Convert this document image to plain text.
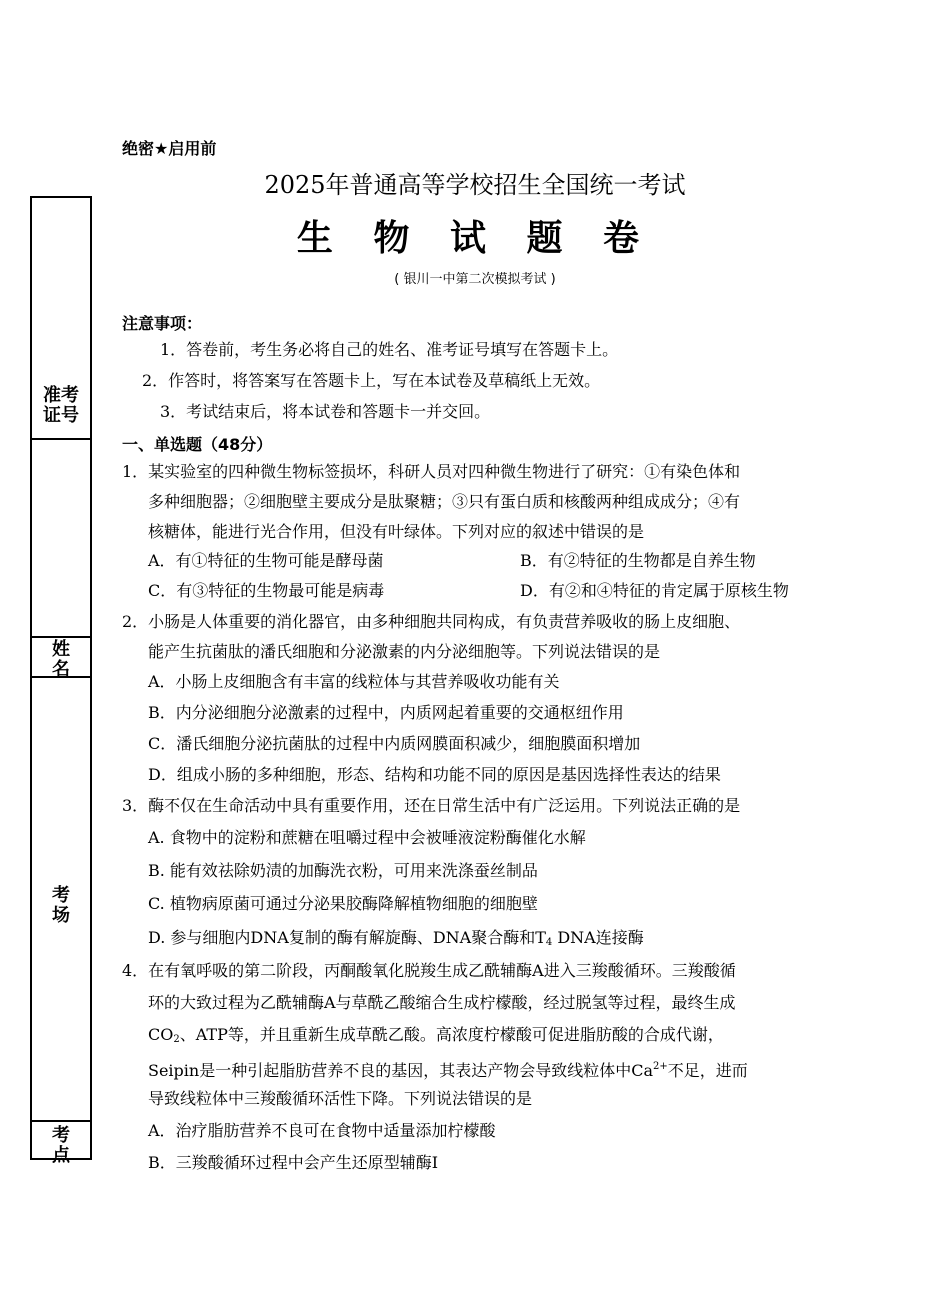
准考
证号
姓
名
考
场
考
点
绝密★启用前
2025年普通高等学校招生全国统一考试
生 物 试 题 卷
( 银川一中第二次模拟考试 )
注意事项：
1．答卷前，考生务必将自己的姓名、准考证号填写在答题卡上。
2．作答时，将答案写在答题卡上，写在本试卷及草稿纸上无效。
3．考试结束后，将本试卷和答题卡一并交回。
一、单选题（48分）
1．某实验室的四种微生物标签损坏，科研人员对四种微生物进行了研究：①有染色体和
多种细胞器；②细胞壁主要成分是肽聚糖；③只有蛋白质和核酸两种组成成分；④有
核糖体，能进行光合作用，但没有叶绿体。下列对应的叙述中错误的是
A．有①特征的生物可能是酵母菌	B．有②特征的生物都是自养生物
C．有③特征的生物最可能是病毒	D．有②和④特征的肯定属于原核生物
2．小肠是人体重要的消化器官，由多种细胞共同构成，有负责营养吸收的肠上皮细胞、
能产生抗菌肽的潘氏细胞和分泌激素的内分泌细胞等。下列说法错误的是
A．小肠上皮细胞含有丰富的线粒体与其营养吸收功能有关
B．内分泌细胞分泌激素的过程中，内质网起着重要的交通枢纽作用
C．潘氏细胞分泌抗菌肽的过程中内质网膜面积减少，细胞膜面积增加
D．组成小肠的多种细胞，形态、结构和功能不同的原因是基因选择性表达的结果
3．酶不仅在生命活动中具有重要作用，还在日常生活中有广泛运用。下列说法正确的是
A. 食物中的淀粉和蔗糖在咀嚼过程中会被唾液淀粉酶催化水解
B. 能有效祛除奶渍的加酶洗衣粉，可用来洗涤蚕丝制品
C. 植物病原菌可通过分泌果胶酶降解植物细胞的细胞壁
D. 参与细胞内DNA复制的酶有解旋酶、DNA聚合酶和$T_4$ DNA连接酶
4．在有氧呼吸的第二阶段，丙酮酸氧化脱羧生成乙酰辅酶A进入三羧酸循环。三羧酸循
环的大致过程为乙酰辅酶A与草酰乙酸缩合生成柠檬酸，经过脱氢等过程，最终生成
$CO_2$、ATP等，并且重新生成草酰乙酸。高浓度柠檬酸可促进脂肪酸的合成代谢，
Seipin是一种引起脂肪营养不良的基因，其表达产物会导致线粒体中$Ca^{2+}$不足，进而
导致线粒体中三羧酸循环活性下降。下列说法错误的是
A．治疗脂肪营养不良可在食物中适量添加柠檬酸
B．三羧酸循环过程中会产生还原型辅酶Ⅰ
